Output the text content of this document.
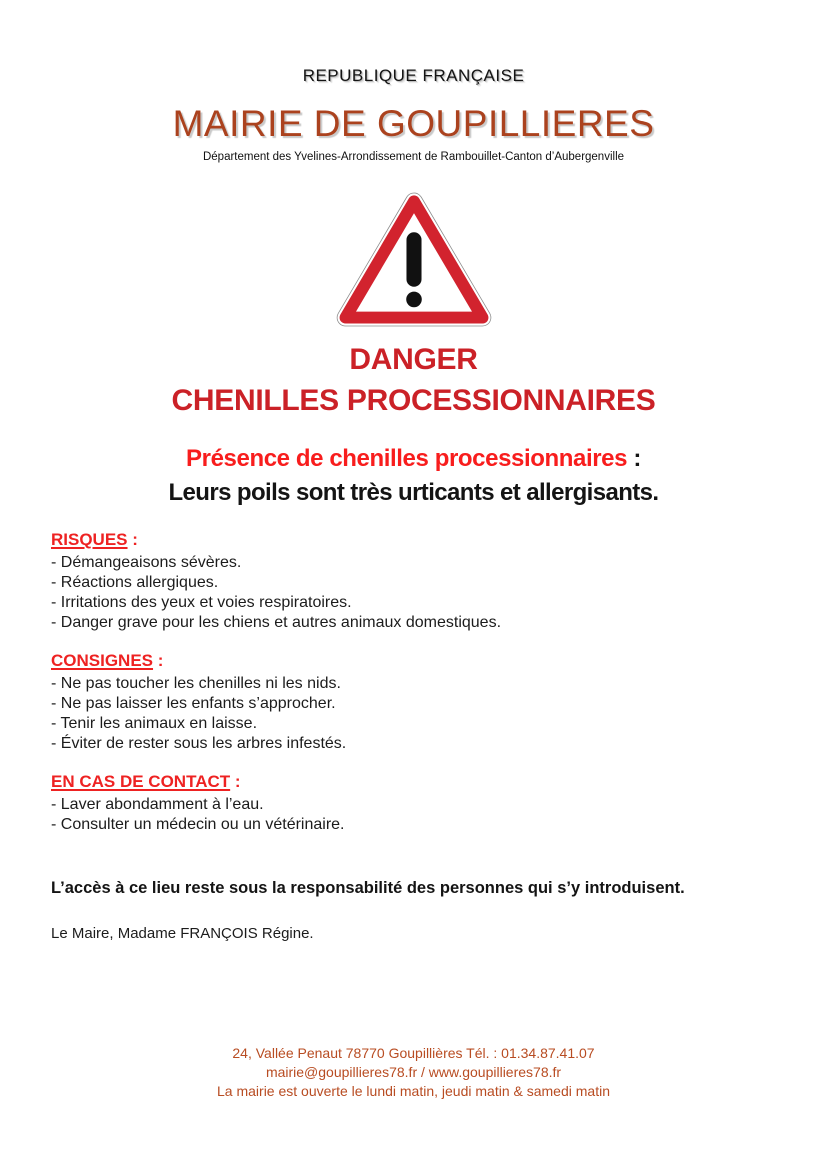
REPUBLIQUE FRANÇAISE
MAIRIE DE GOUPILLIERES
Département des Yvelines-Arrondissement de Rambouillet-Canton d’Aubergenville
DANGER
CHENILLES PROCESSIONNAIRES
Présence de chenilles processionnaires :
Leurs poils sont très urticants et allergisants.
RISQUES :

- Démangeaisons sévères.

- Réactions allergiques.

- Irritations des yeux et voies respiratoires.

- Danger grave pour les chiens et autres animaux domestiques.

CONSIGNES :

- Ne pas toucher les chenilles ni les nids.

- Ne pas laisser les enfants s’approcher.

- Tenir les animaux en laisse.

- Éviter de rester sous les arbres infestés.

EN CAS DE CONTACT :

- Laver abondamment à l’eau.

- Consulter un médecin ou un vétérinaire.

L’accès à ce lieu reste sous la responsabilité des personnes qui s’y introduisent.

Le Maire, Madame FRANÇOIS Régine.

24, Vallée Penaut 78770 Goupillières Tél. : 01.34.87.41.07
mairie@goupillieres78.fr / www.goupillieres78.fr
La mairie est ouverte le lundi matin, jeudi matin & samedi matin
